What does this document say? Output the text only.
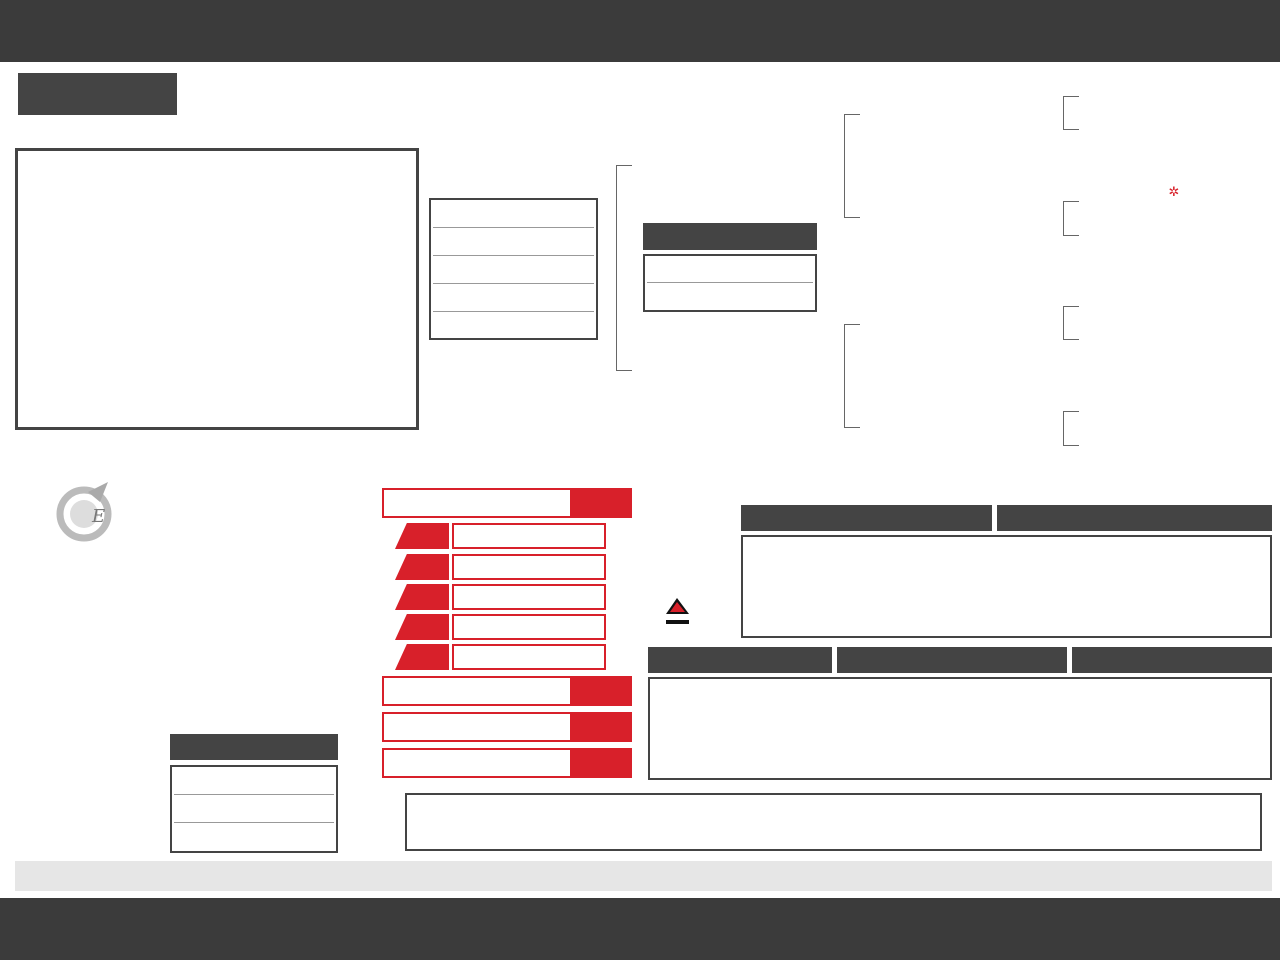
✲
E
